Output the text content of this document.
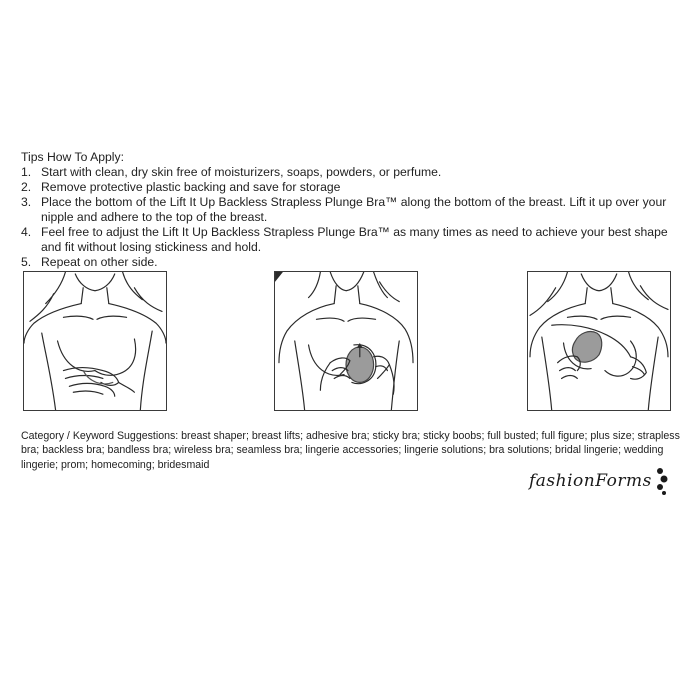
Tips How To Apply:
1. Start with clean, dry skin free of moisturizers, soaps, powders, or perfume.
2. Remove protective plastic backing and save for storage
3. Place the bottom of the Lift It Up Backless Strapless Plunge Bra™ along the bottom of the breast. Lift it up over your nipple and adhere to the top of the breast.
4. Feel free to adjust the Lift It Up Backless Strapless Plunge Bra™ as many times as need to achieve your best shape and fit without losing stickiness and hold.
5. Repeat on other side.

Category / Keyword Suggestions: breast shaper; breast lifts; adhesive bra; sticky bra; sticky boobs; full busted; full figure; plus size; strapless bra; backless bra; bandless bra; wireless bra; seamless bra; lingerie accessories; lingerie solutions; bra solutions; bridal lingerie; wedding lingerie; prom; homecoming; bridesmaid

fashionForms
